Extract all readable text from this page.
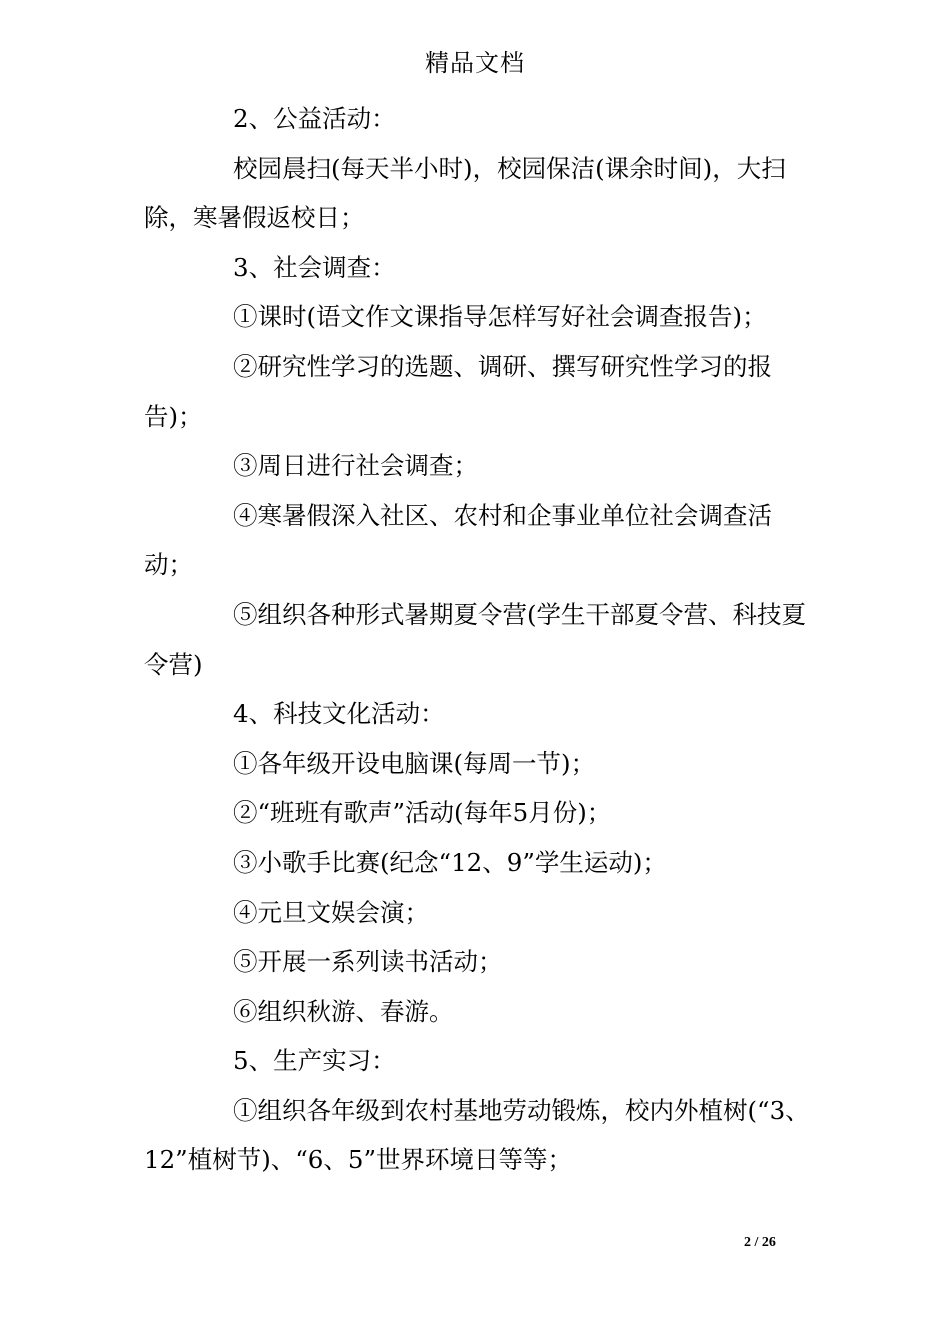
精品文档

2、公益活动：

校园晨扫(每天半小时)，校园保洁(课余时间)，大扫除，寒暑假返校日；

3、社会调查：

①课时(语文作文课指导怎样写好社会调查报告)；

②研究性学习的选题、调研、撰写研究性学习的报告)；

③周日进行社会调查；

④寒暑假深入社区、农村和企事业单位社会调查活动；

⑤组织各种形式暑期夏令营(学生干部夏令营、科技夏令营)

4、科技文化活动：

①各年级开设电脑课(每周一节)；

②“班班有歌声”活动(每年5月份)；

③小歌手比赛(纪念“12、9”学生运动)；

④元旦文娱会演；

⑤开展一系列读书活动；

⑥组织秋游、春游。

5、生产实习：

①组织各年级到农村基地劳动锻炼，校内外植树(“3、12”植树节)、“6、5”世界环境日等等；

2 / 26
